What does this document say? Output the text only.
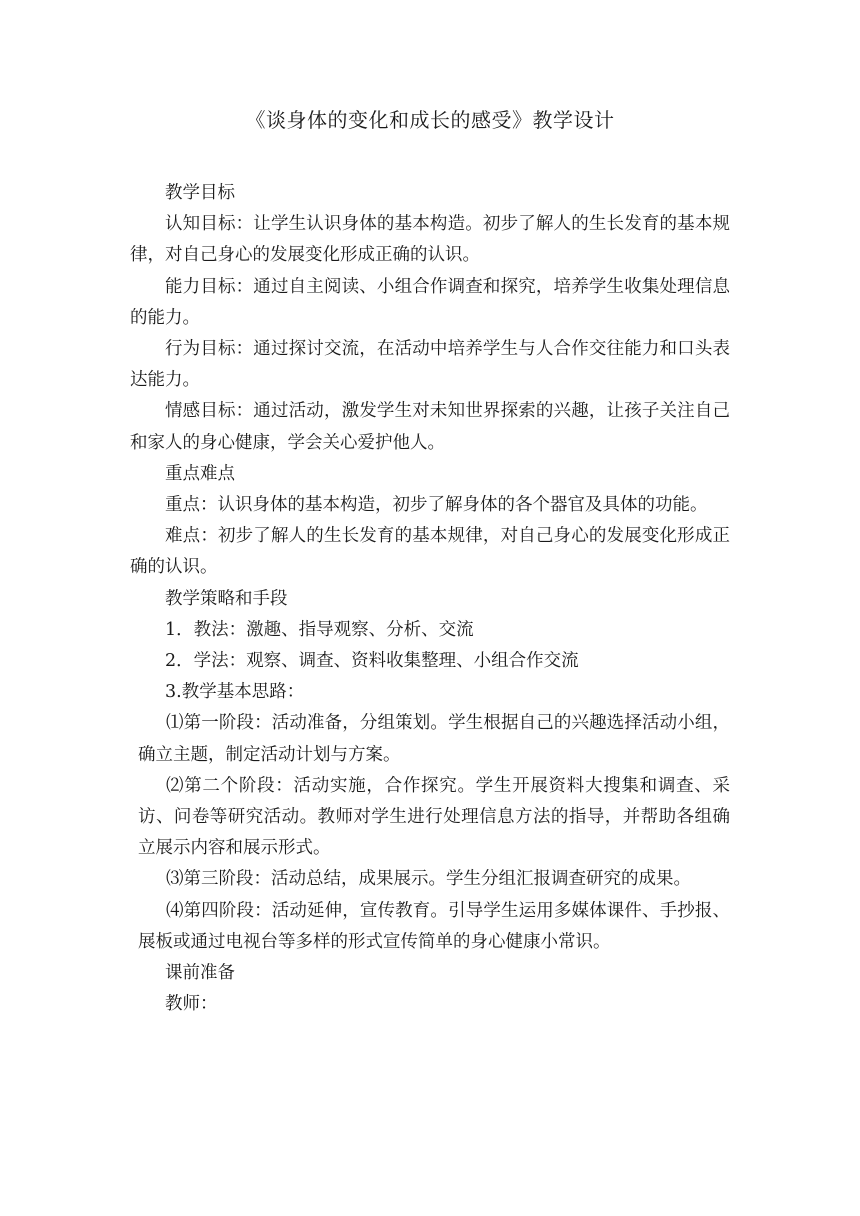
《谈身体的变化和成长的感受》教学设计

教学目标

认知目标：让学生认识身体的基本构造。初步了解人的生长发育的基本规律，对自己身心的发展变化形成正确的认识。

能力目标：通过自主阅读、小组合作调查和探究，培养学生收集处理信息的能力。

行为目标：通过探讨交流，在活动中培养学生与人合作交往能力和口头表达能力。

情感目标：通过活动，激发学生对未知世界探索的兴趣，让孩子关注自己和家人的身心健康，学会关心爱护他人。

重点难点

重点：认识身体的基本构造，初步了解身体的各个器官及具体的功能。

难点：初步了解人的生长发育的基本规律，对自己身心的发展变化形成正确的认识。

教学策略和手段

1．教法：激趣、指导观察、分析、交流

2．学法：观察、调查、资料收集整理、小组合作交流

3.教学基本思路：

⑴第一阶段：活动准备，分组策划。学生根据自己的兴趣选择活动小组，确立主题，制定活动计划与方案。

⑵第二个阶段：活动实施，合作探究。学生开展资料大搜集和调查、采访、问卷等研究活动。教师对学生进行处理信息方法的指导，并帮助各组确立展示内容和展示形式。

⑶第三阶段：活动总结，成果展示。学生分组汇报调查研究的成果。

⑷第四阶段：活动延伸，宣传教育。引导学生运用多媒体课件、手抄报、展板或通过电视台等多样的形式宣传简单的身心健康小常识。

课前准备

教师：
